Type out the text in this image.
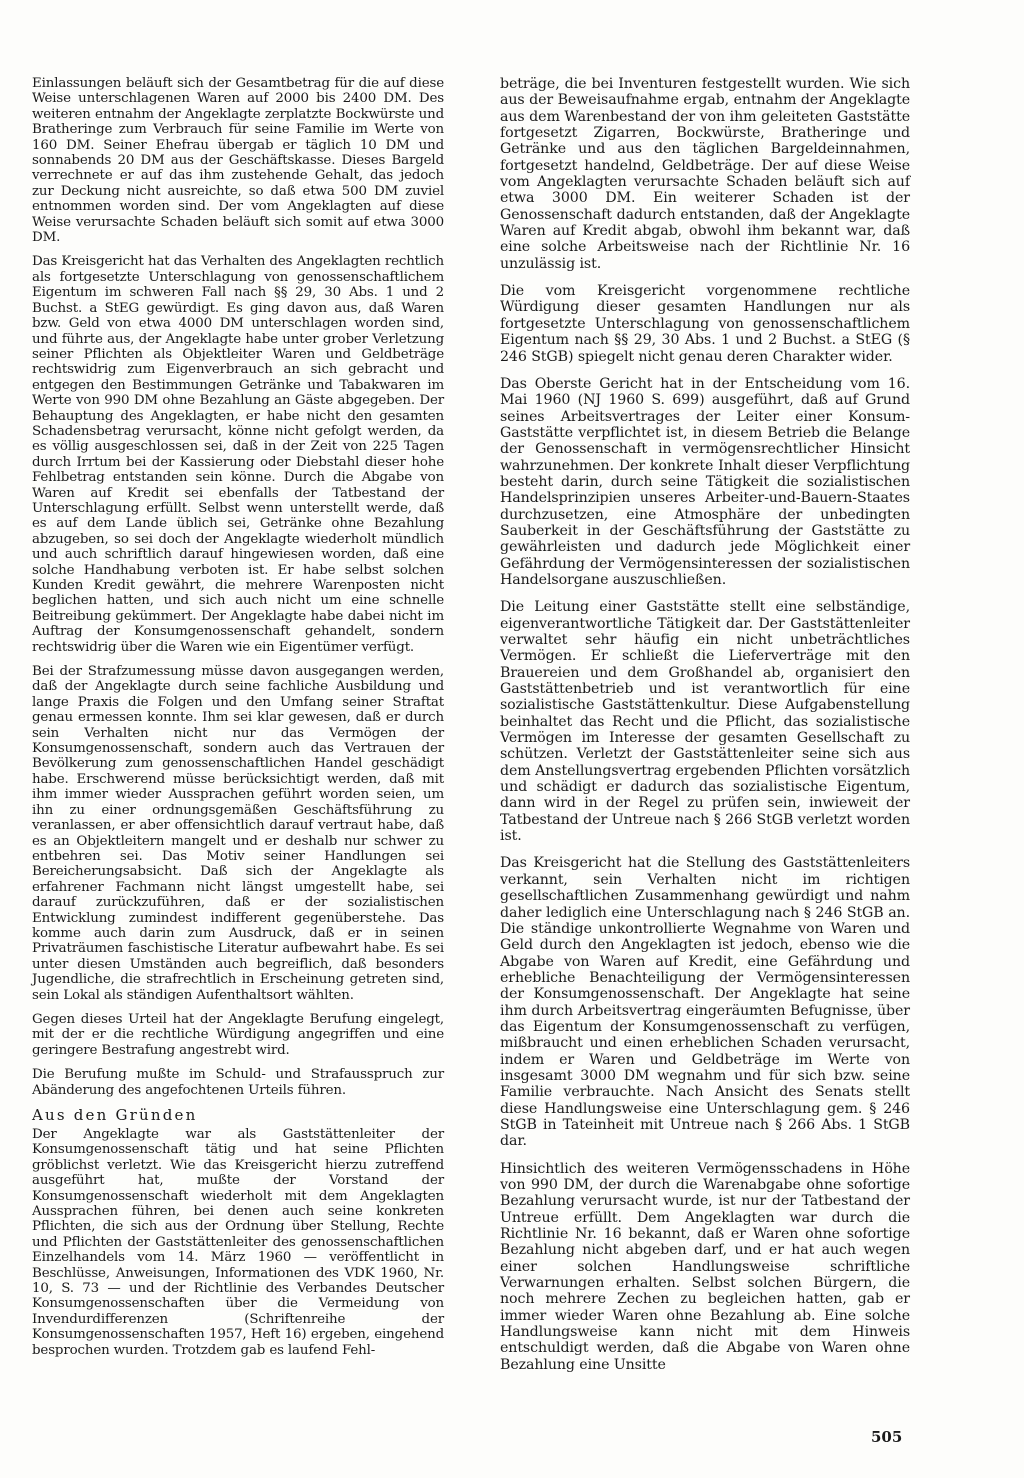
Einlassungen beläuft sich der Gesamtbetrag für die auf diese Weise unterschlagenen Waren auf 2000 bis 2400 DM. Des weiteren entnahm der Angeklagte zerplatzte Bockwürste und Bratheringe zum Verbrauch für seine Familie im Werte von 160 DM. Seiner Ehefrau übergab er täglich 10 DM und sonnabends 20 DM aus der Geschäftskasse. Dieses Bargeld verrechnete er auf das ihm zustehende Gehalt, das jedoch zur Deckung nicht ausreichte, so daß etwa 500 DM zuviel entnommen worden sind. Der vom Angeklagten auf diese Weise verursachte Schaden beläuft sich somit auf etwa 3000 DM.

Das Kreisgericht hat das Verhalten des Angeklagten rechtlich als fortgesetzte Unterschlagung von genossenschaftlichem Eigentum im schweren Fall nach §§ 29, 30 Abs. 1 und 2 Buchst. a StEG gewürdigt. Es ging davon aus, daß Waren bzw. Geld von etwa 4000 DM unterschlagen worden sind, und führte aus, der Angeklagte habe unter grober Verletzung seiner Pflichten als Objektleiter Waren und Geldbeträge rechtswidrig zum Eigenverbrauch an sich gebracht und entgegen den Bestimmungen Getränke und Tabakwaren im Werte von 990 DM ohne Bezahlung an Gäste abgegeben. Der Behauptung des Angeklagten, er habe nicht den gesamten Schadensbetrag verursacht, könne nicht gefolgt werden, da es völlig ausgeschlossen sei, daß in der Zeit von 225 Tagen durch Irrtum bei der Kassierung oder Diebstahl dieser hohe Fehlbetrag entstanden sein könne. Durch die Abgabe von Waren auf Kredit sei ebenfalls der Tatbestand der Unterschlagung erfüllt. Selbst wenn unterstellt werde, daß es auf dem Lande üblich sei, Getränke ohne Bezahlung abzugeben, so sei doch der Angeklagte wiederholt mündlich und auch schriftlich darauf hingewiesen worden, daß eine solche Handhabung verboten ist. Er habe selbst solchen Kunden Kredit gewährt, die mehrere Warenposten nicht beglichen hatten, und sich auch nicht um eine schnelle Beitreibung gekümmert. Der Angeklagte habe dabei nicht im Auftrag der Konsumgenossenschaft gehandelt, sondern rechtswidrig über die Waren wie ein Eigentümer verfügt.

Bei der Strafzumessung müsse davon ausgegangen werden, daß der Angeklagte durch seine fachliche Ausbildung und lange Praxis die Folgen und den Umfang seiner Straftat genau ermessen konnte. Ihm sei klar gewesen, daß er durch sein Verhalten nicht nur das Vermögen der Konsumgenossenschaft, sondern auch das Vertrauen der Bevölkerung zum genossenschaftlichen Handel geschädigt habe. Erschwerend müsse berücksichtigt werden, daß mit ihm immer wieder Aussprachen geführt worden seien, um ihn zu einer ordnungsgemäßen Geschäftsführung zu veranlassen, er aber offensichtlich darauf vertraut habe, daß es an Objektleitern mangelt und er deshalb nur schwer zu entbehren sei. Das Motiv seiner Handlungen sei Bereicherungsabsicht. Daß sich der Angeklagte als erfahrener Fachmann nicht längst umgestellt habe, sei darauf zurückzuführen, daß er der sozialistischen Entwicklung zumindest indifferent gegenüberstehe. Das komme auch darin zum Ausdruck, daß er in seinen Privaträumen faschistische Literatur aufbewahrt habe. Es sei unter diesen Umständen auch begreiflich, daß besonders Jugendliche, die strafrechtlich in Erscheinung getreten sind, sein Lokal als ständigen Aufenthaltsort wählten.

Gegen dieses Urteil hat der Angeklagte Berufung eingelegt, mit der er die rechtliche Würdigung angegriffen und eine geringere Bestrafung angestrebt wird.

Die Berufung mußte im Schuld- und Strafausspruch zur Abänderung des angefochtenen Urteils führen.

Aus den Gründen

Der Angeklagte war als Gaststättenleiter der Konsumgenossenschaft tätig und hat seine Pflichten gröblichst verletzt. Wie das Kreisgericht hierzu zutreffend ausgeführt hat, mußte der Vorstand der Konsumgenossenschaft wiederholt mit dem Angeklagten Aussprachen führen, bei denen auch seine konkreten Pflichten, die sich aus der Ordnung über Stellung, Rechte und Pflichten der Gaststättenleiter des genossenschaftlichen Einzelhandels vom 14. März 1960 — veröffentlicht in Beschlüsse, Anweisungen, Informationen des VDK 1960, Nr. 10, S. 73 — und der Richtlinie des Verbandes Deutscher Konsumgenossenschaften über die Vermeidung von Invendurdifferenzen (Schriftenreihe der Konsumgenossenschaften 1957, Heft 16) ergeben, eingehend besprochen wurden. Trotzdem gab es laufend Fehl-

beträge, die bei Inventuren festgestellt wurden. Wie sich aus der Beweisaufnahme ergab, entnahm der Angeklagte aus dem Warenbestand der von ihm geleiteten Gaststätte fortgesetzt Zigarren, Bockwürste, Bratheringe und Getränke und aus den täglichen Bargeldeinnahmen, fortgesetzt handelnd, Geldbeträge. Der auf diese Weise vom Angeklagten verursachte Schaden beläuft sich auf etwa 3000 DM. Ein weiterer Schaden ist der Genossenschaft dadurch entstanden, daß der Angeklagte Waren auf Kredit abgab, obwohl ihm bekannt war, daß eine solche Arbeitsweise nach der Richtlinie Nr. 16 unzulässig ist.

Die vom Kreisgericht vorgenommene rechtliche Würdigung dieser gesamten Handlungen nur als fortgesetzte Unterschlagung von genossenschaftlichem Eigentum nach §§ 29, 30 Abs. 1 und 2 Buchst. a StEG (§ 246 StGB) spiegelt nicht genau deren Charakter wider.

Das Oberste Gericht hat in der Entscheidung vom 16. Mai 1960 (NJ 1960 S. 699) ausgeführt, daß auf Grund seines Arbeitsvertrages der Leiter einer Konsum-Gaststätte verpflichtet ist, in diesem Betrieb die Belange der Genossenschaft in vermögensrechtlicher Hinsicht wahrzunehmen. Der konkrete Inhalt dieser Verpflichtung besteht darin, durch seine Tätigkeit die sozialistischen Handelsprinzipien unseres Arbeiter-und-Bauern-Staates durchzusetzen, eine Atmosphäre der unbedingten Sauberkeit in der Geschäftsführung der Gaststätte zu gewährleisten und dadurch jede Möglichkeit einer Gefährdung der Vermögensinteressen der sozialistischen Handelsorgane auszuschließen.

Die Leitung einer Gaststätte stellt eine selbständige, eigenverantwortliche Tätigkeit dar. Der Gaststättenleiter verwaltet sehr häufig ein nicht unbeträchtliches Vermögen. Er schließt die Lieferverträge mit den Brauereien und dem Großhandel ab, organisiert den Gaststättenbetrieb und ist verantwortlich für eine sozialistische Gaststättenkultur. Diese Aufgabenstellung beinhaltet das Recht und die Pflicht, das sozialistische Vermögen im Interesse der gesamten Gesellschaft zu schützen. Verletzt der Gaststättenleiter seine sich aus dem Anstellungsvertrag ergebenden Pflichten vorsätzlich und schädigt er dadurch das sozialistische Eigentum, dann wird in der Regel zu prüfen sein, inwieweit der Tatbestand der Untreue nach § 266 StGB verletzt worden ist.

Das Kreisgericht hat die Stellung des Gaststättenleiters verkannt, sein Verhalten nicht im richtigen gesellschaftlichen Zusammenhang gewürdigt und nahm daher lediglich eine Unterschlagung nach § 246 StGB an. Die ständige unkontrollierte Wegnahme von Waren und Geld durch den Angeklagten ist jedoch, ebenso wie die Abgabe von Waren auf Kredit, eine Gefährdung und erhebliche Benachteiligung der Vermögensinteressen der Konsumgenossenschaft. Der Angeklagte hat seine ihm durch Arbeitsvertrag eingeräumten Befugnisse, über das Eigentum der Konsumgenossenschaft zu verfügen, mißbraucht und einen erheblichen Schaden verursacht, indem er Waren und Geldbeträge im Werte von insgesamt 3000 DM wegnahm und für sich bzw. seine Familie verbrauchte. Nach Ansicht des Senats stellt diese Handlungsweise eine Unterschlagung gem. § 246 StGB in Tateinheit mit Untreue nach § 266 Abs. 1 StGB dar.

Hinsichtlich des weiteren Vermögensschadens in Höhe von 990 DM, der durch die Warenabgabe ohne sofortige Bezahlung verursacht wurde, ist nur der Tatbestand der Untreue erfüllt. Dem Angeklagten war durch die Richtlinie Nr. 16 bekannt, daß er Waren ohne sofortige Bezahlung nicht abgeben darf, und er hat auch wegen einer solchen Handlungsweise schriftliche Verwarnungen erhalten. Selbst solchen Bürgern, die noch mehrere Zechen zu begleichen hatten, gab er immer wieder Waren ohne Bezahlung ab. Eine solche Handlungsweise kann nicht mit dem Hinweis entschuldigt werden, daß die Abgabe von Waren ohne Bezahlung eine Unsitte

505
